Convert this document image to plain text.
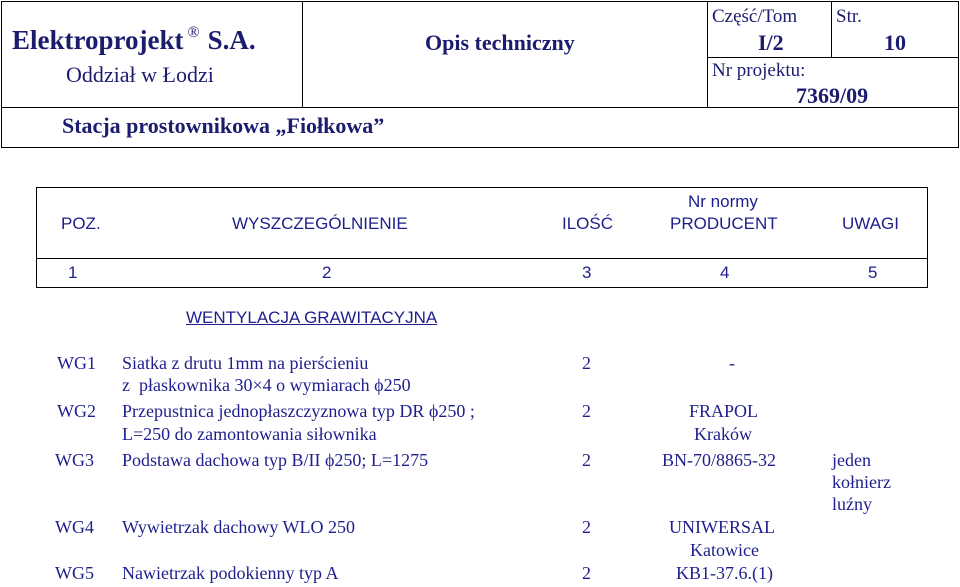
Elektroprojekt ® S.A.
Oddział w Łodzi
Stacja prostownikowa „Fiołkowa”
Opis techniczny
Część/Tom
I/2
Str.
10
Nr projektu:
7369/09
POZ.	WYSZCZEGÓLNIENIE	ILOŚĆ
Nr normy
PRODUCENT	UWAGI
1	2	3	4	5
WENTYLACJA GRAWITACYJNA
WG1 Siatka z drutu 1mm na pierścieniu
z  płaskownika 30×4 o wymiarach ϕ250
2	-
WG2 Przepustnica jednopłaszczyznowa typ DR ϕ250 ;
L=250 do zamontowania siłownika
2	FRAPOL
Kraków
WG3 Podstawa dachowa typ B/II ϕ250; L=1275	2	BN-70/8865-32	jeden
kołnierz
luźny
WG4 Wywietrzak dachowy WLO 250	2	UNIWERSAL
Katowice
WG5 Nawietrzak podokienny typ A	2	KB1-37.6.(1)
